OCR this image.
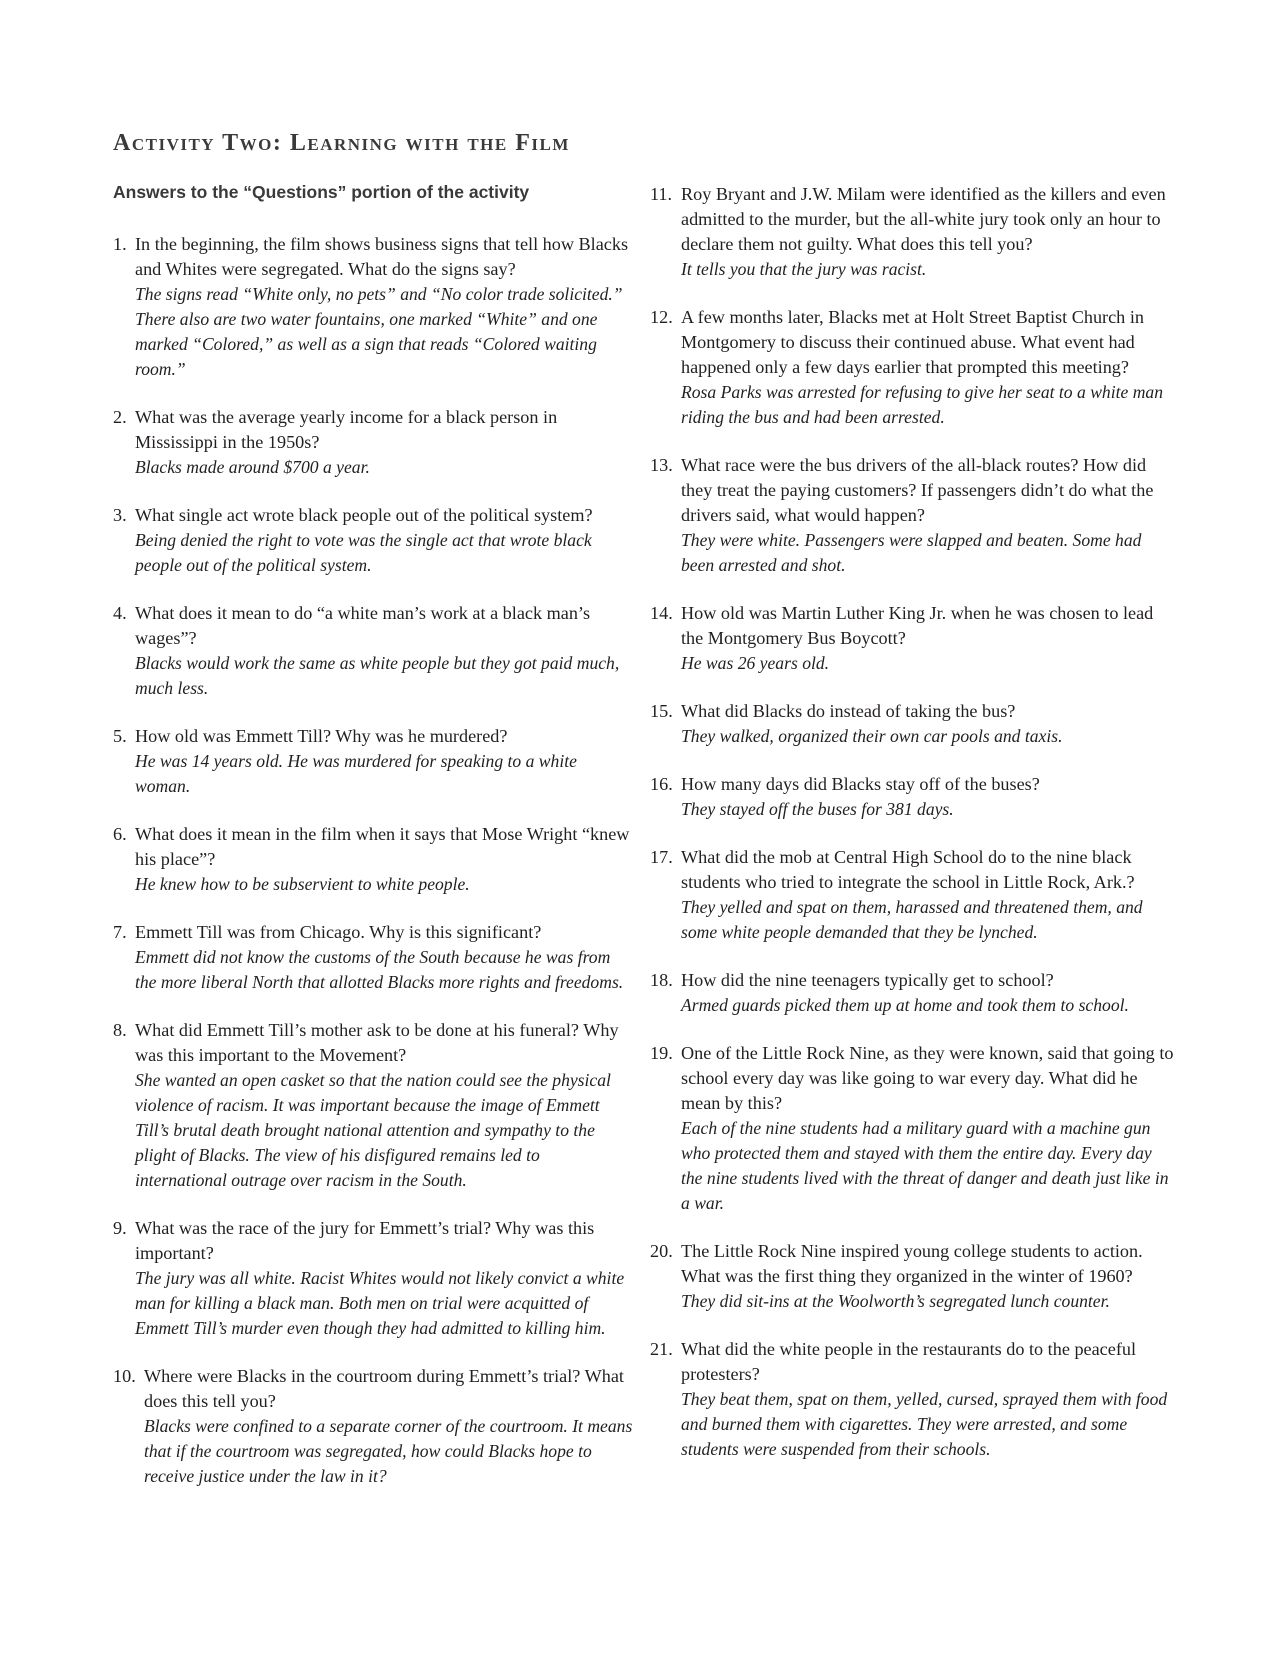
Activity Two: Learning with the Film
Answers to the “Questions” portion of the activity
1. In the beginning, the film shows business signs that tell how Blacks and Whites were segregated. What do the signs say?
The signs read “White only, no pets” and “No color trade solicited.” There also are two water fountains, one marked “White” and one marked “Colored,” as well as a sign that reads “Colored waiting room.”
2. What was the average yearly income for a black person in Mississippi in the 1950s?
Blacks made around $700 a year.
3. What single act wrote black people out of the political system?
Being denied the right to vote was the single act that wrote black people out of the political system.
4. What does it mean to do “a white man’s work at a black man’s wages”?
Blacks would work the same as white people but they got paid much, much less.
5. How old was Emmett Till? Why was he murdered?
He was 14 years old. He was murdered for speaking to a white woman.
6. What does it mean in the film when it says that Mose Wright “knew his place”?
He knew how to be subservient to white people.
7. Emmett Till was from Chicago. Why is this significant?
Emmett did not know the customs of the South because he was from the more liberal North that allotted Blacks more rights and freedoms.
8. What did Emmett Till’s mother ask to be done at his funeral? Why was this important to the Movement?
She wanted an open casket so that the nation could see the physical violence of racism. It was important because the image of Emmett Till’s brutal death brought national attention and sympathy to the plight of Blacks. The view of his disfigured remains led to international outrage over racism in the South.
9. What was the race of the jury for Emmett’s trial? Why was this important?
The jury was all white. Racist Whites would not likely convict a white man for killing a black man. Both men on trial were acquitted of Emmett Till’s murder even though they had admitted to killing him.
10. Where were Blacks in the courtroom during Emmett’s trial? What does this tell you?
Blacks were confined to a separate corner of the courtroom. It means that if the courtroom was segregated, how could Blacks hope to receive justice under the law in it?
11. Roy Bryant and J.W. Milam were identified as the killers and even admitted to the murder, but the all-white jury took only an hour to declare them not guilty. What does this tell you?
It tells you that the jury was racist.
12. A few months later, Blacks met at Holt Street Baptist Church in Montgomery to discuss their continued abuse. What event had happened only a few days earlier that prompted this meeting?
Rosa Parks was arrested for refusing to give her seat to a white man riding the bus and had been arrested.
13. What race were the bus drivers of the all-black routes? How did they treat the paying customers? If passengers didn’t do what the drivers said, what would happen?
They were white. Passengers were slapped and beaten. Some had been arrested and shot.
14. How old was Martin Luther King Jr. when he was chosen to lead the Montgomery Bus Boycott?
He was 26 years old.
15. What did Blacks do instead of taking the bus?
They walked, organized their own car pools and taxis.
16. How many days did Blacks stay off of the buses?
They stayed off the buses for 381 days.
17. What did the mob at Central High School do to the nine black students who tried to integrate the school in Little Rock, Ark.?
They yelled and spat on them, harassed and threatened them, and some white people demanded that they be lynched.
18. How did the nine teenagers typically get to school?
Armed guards picked them up at home and took them to school.
19. One of the Little Rock Nine, as they were known, said that going to school every day was like going to war every day. What did he mean by this?
Each of the nine students had a military guard with a machine gun who protected them and stayed with them the entire day. Every day the nine students lived with the threat of danger and death just like in a war.
20. The Little Rock Nine inspired young college students to action. What was the first thing they organized in the winter of 1960?
They did sit-ins at the Woolworth’s segregated lunch counter.
21. What did the white people in the restaurants do to the peaceful protesters?
They beat them, spat on them, yelled, cursed, sprayed them with food and burned them with cigarettes. They were arrested, and some students were suspended from their schools.
